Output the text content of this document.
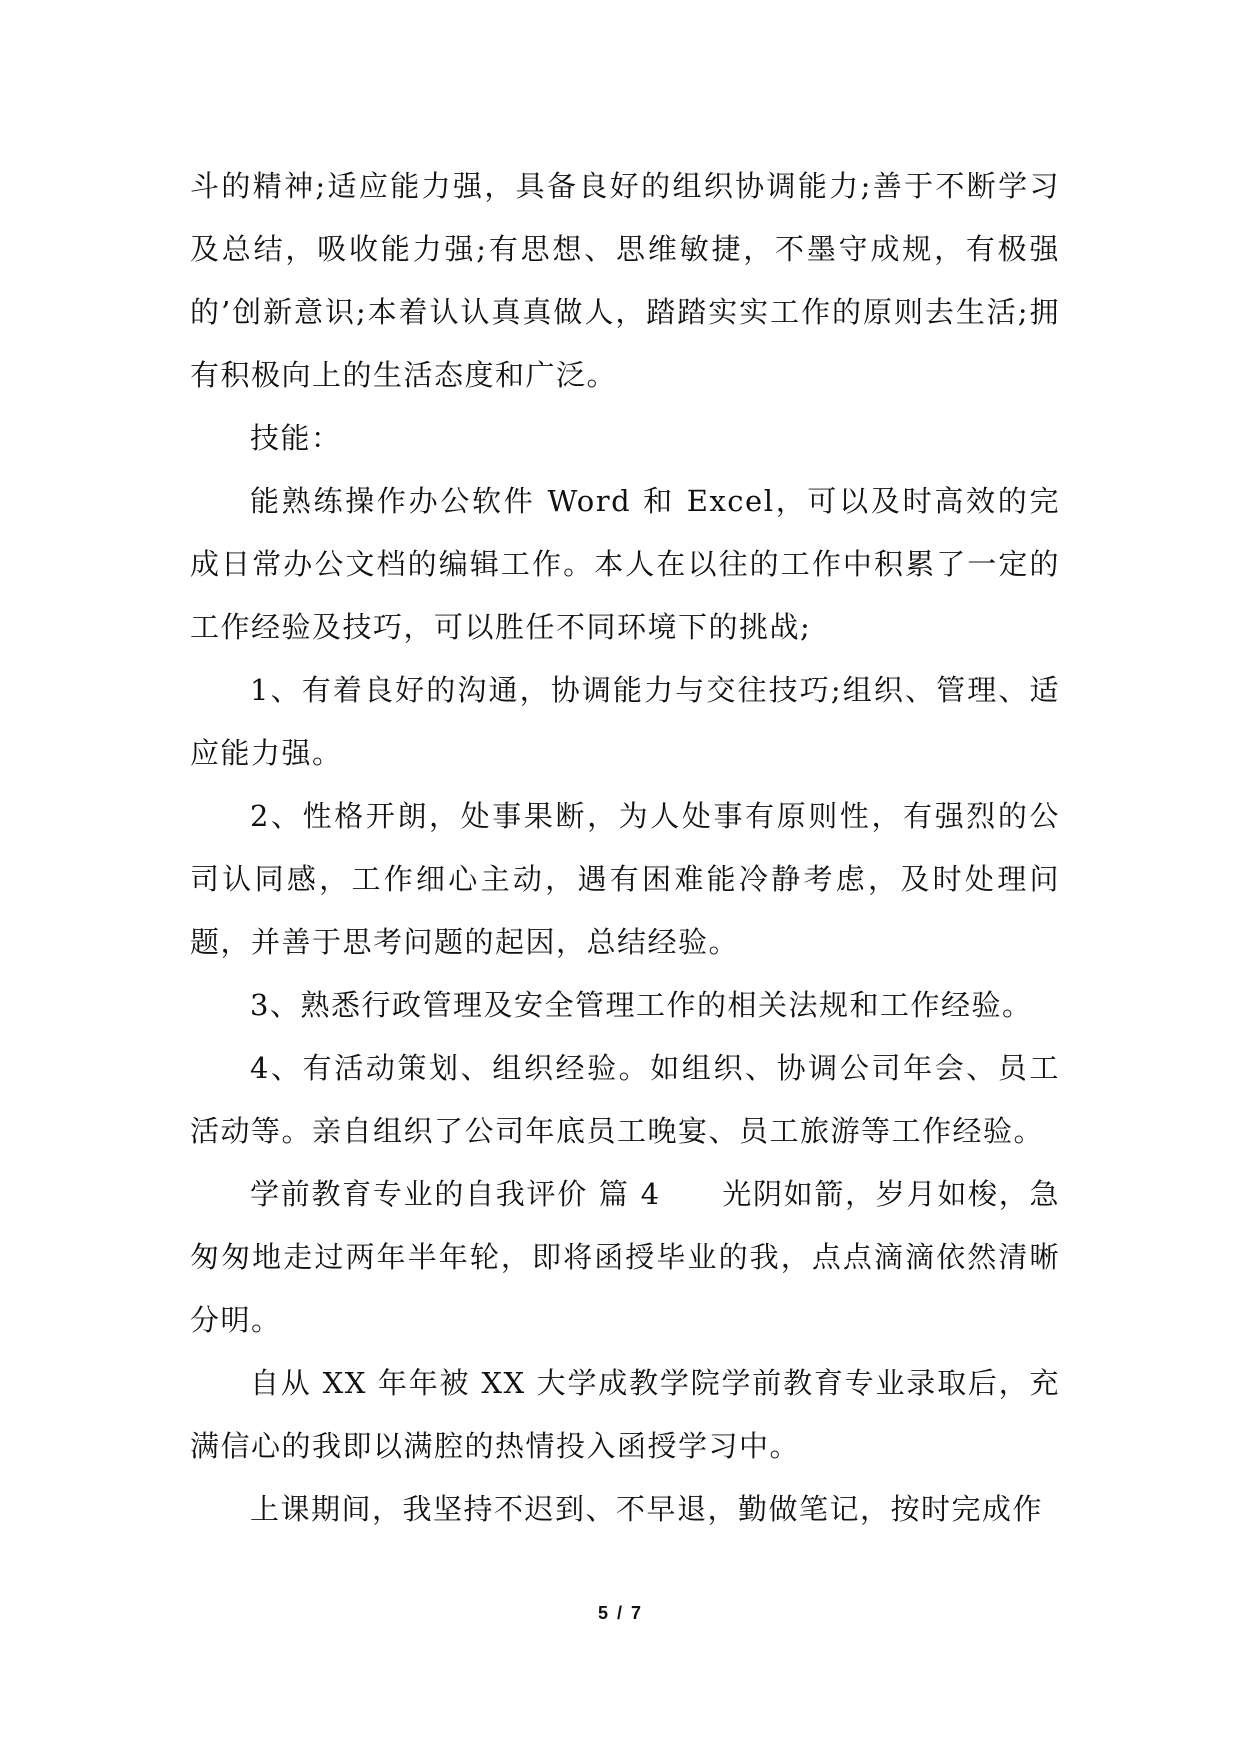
斗的精神;适应能力强，具备良好的组织协调能力;善于不断学习及总结，吸收能力强;有思想、思维敏捷，不墨守成规，有极强的’创新意识;本着认认真真做人，踏踏实实工作的原则去生活;拥有积极向上的生活态度和广泛。

技能：

能熟练操作办公软件 Word 和 Excel，可以及时高效的完成日常办公文档的编辑工作。本人在以往的工作中积累了一定的工作经验及技巧，可以胜任不同环境下的挑战;

1、有着良好的沟通，协调能力与交往技巧;组织、管理、适应能力强。

2、性格开朗，处事果断，为人处事有原则性，有强烈的公司认同感，工作细心主动，遇有困难能冷静考虑，及时处理问题，并善于思考问题的起因，总结经验。

3、熟悉行政管理及安全管理工作的相关法规和工作经验。

4、有活动策划、组织经验。如组织、协调公司年会、员工活动等。亲自组织了公司年底员工晚宴、员工旅游等工作经验。

学前教育专业的自我评价 篇 4　　光阴如箭，岁月如梭，急匆匆地走过两年半年轮，即将函授毕业的我，点点滴滴依然清晰分明。

自从 XX 年年被 XX 大学成教学院学前教育专业录取后，充满信心的我即以满腔的热情投入函授学习中。

上课期间，我坚持不迟到、不早退，勤做笔记，按时完成作

5 / 7
